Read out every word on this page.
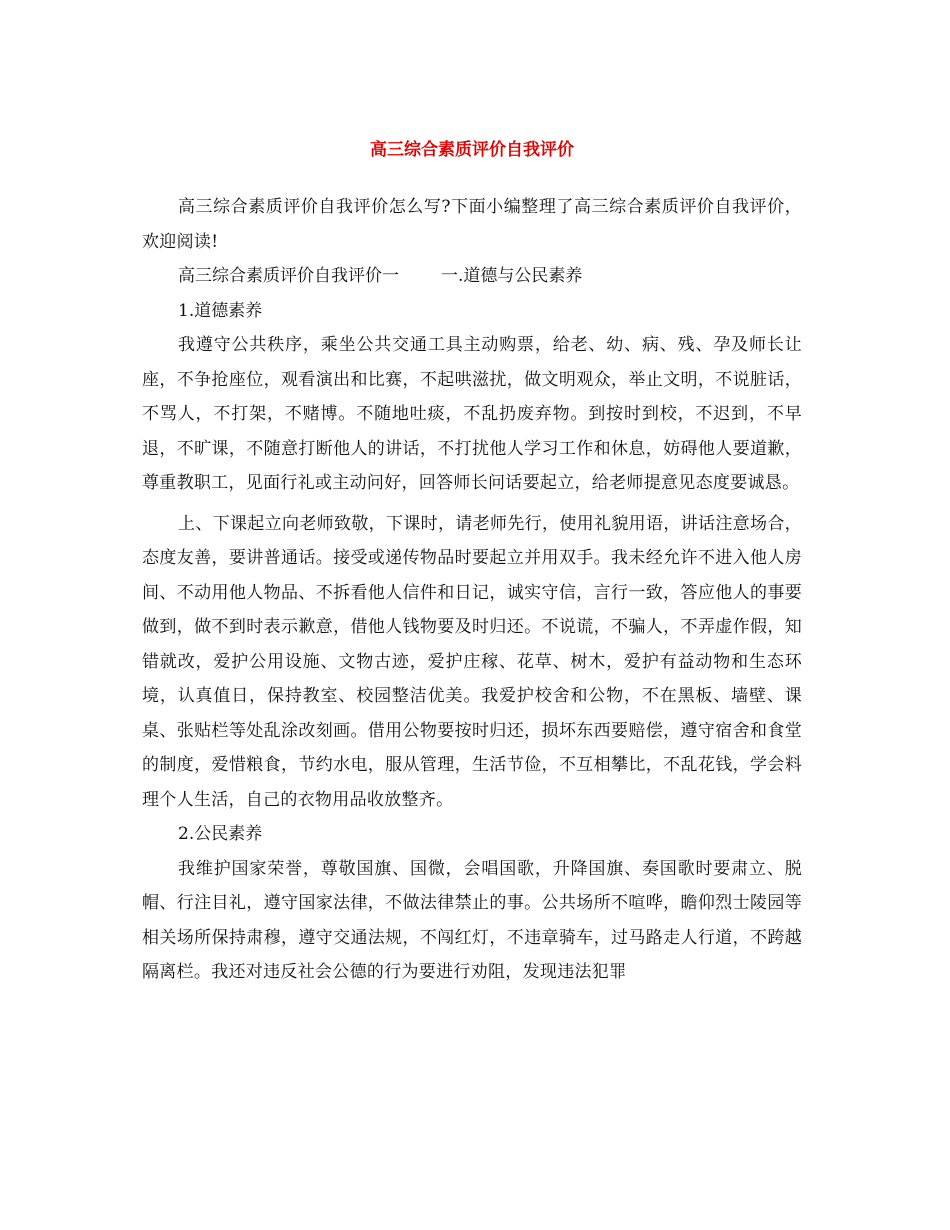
高三综合素质评价自我评价

高三综合素质评价自我评价怎么写?下面小编整理了高三综合素质评价自我评价，欢迎阅读!

高三综合素质评价自我评价一 一.道德与公民素养

1.道德素养

我遵守公共秩序，乘坐公共交通工具主动购票，给老、幼、病、残、孕及师长让座，不争抢座位，观看演出和比赛，不起哄滋扰，做文明观众，举止文明，不说脏话，不骂人，不打架，不赌博。不随地吐痰，不乱扔废弃物。到按时到校，不迟到，不早退，不旷课，不随意打断他人的讲话，不打扰他人学习工作和休息，妨碍他人要道歉，尊重教职工，见面行礼或主动问好，回答师长问话要起立，给老师提意见态度要诚恳。

上、下课起立向老师致敬，下课时，请老师先行，使用礼貌用语，讲话注意场合，态度友善，要讲普通话。接受或递传物品时要起立并用双手。我未经允许不进入他人房间、不动用他人物品、不拆看他人信件和日记，诚实守信，言行一致，答应他人的事要做到，做不到时表示歉意，借他人钱物要及时归还。不说谎，不骗人，不弄虚作假，知错就改，爱护公用设施、文物古迹，爱护庄稼、花草、树木，爱护有益动物和生态环境，认真值日，保持教室、校园整洁优美。我爱护校舍和公物，不在黑板、墙壁、课桌、张贴栏等处乱涂改刻画。借用公物要按时归还，损坏东西要赔偿，遵守宿舍和食堂的制度，爱惜粮食，节约水电，服从管理，生活节俭，不互相攀比，不乱花钱，学会料理个人生活，自己的衣物用品收放整齐。

2.公民素养

我维护国家荣誉，尊敬国旗、国微，会唱国歌，升降国旗、奏国歌时要肃立、脱帽、行注目礼，遵守国家法律，不做法律禁止的事。公共场所不喧哗，瞻仰烈士陵园等相关场所保持肃穆，遵守交通法规，不闯红灯，不违章骑车，过马路走人行道，不跨越隔离栏。我还对违反社会公德的行为要进行劝阻，发现违法犯罪
